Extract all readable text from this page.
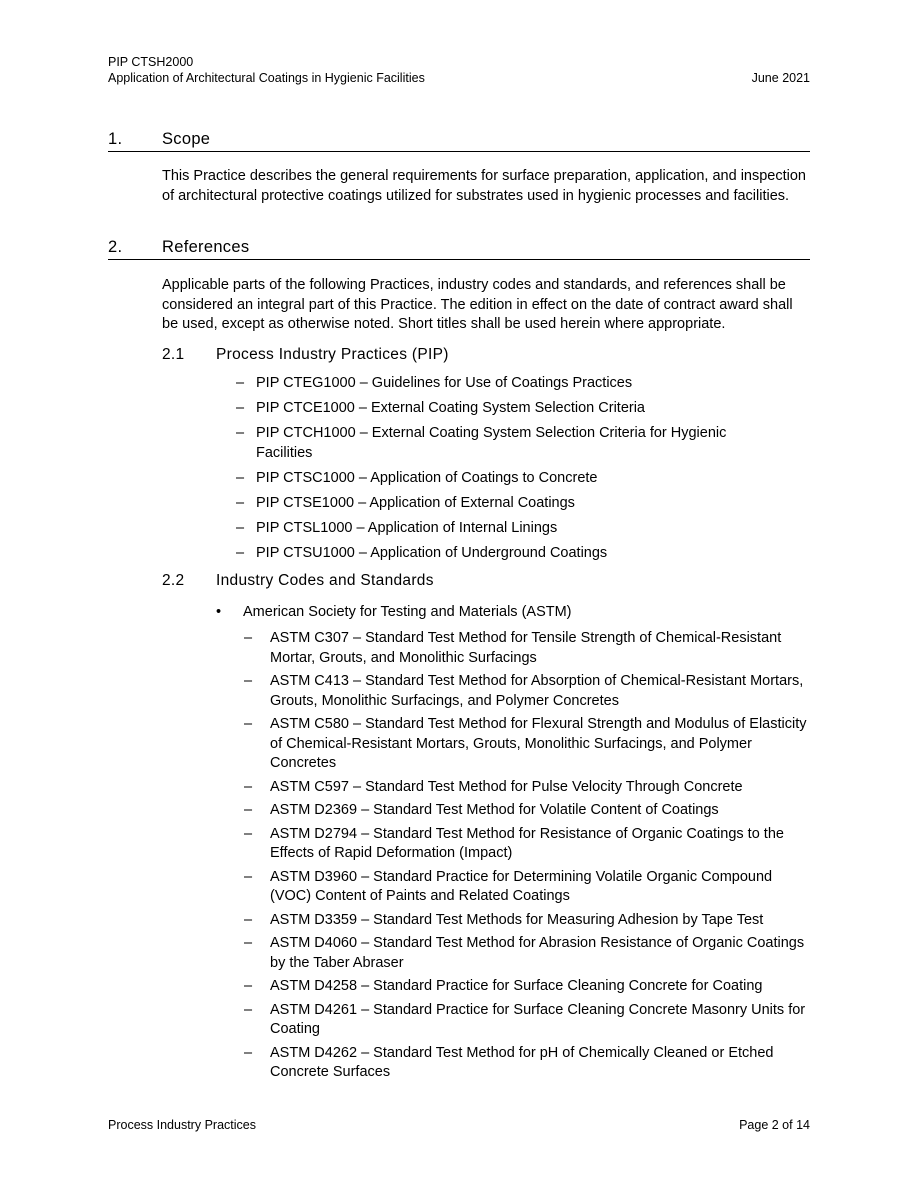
PIP CTSH2000
Application of Architectural Coatings in Hygienic Facilities	June 2021
1. Scope
This Practice describes the general requirements for surface preparation, application, and inspection of architectural protective coatings utilized for substrates used in hygienic processes and facilities.
2. References
Applicable parts of the following Practices, industry codes and standards, and references shall be considered an integral part of this Practice. The edition in effect on the date of contract award shall be used, except as otherwise noted. Short titles shall be used herein where appropriate.
2.1 Process Industry Practices (PIP)
– PIP CTEG1000 – Guidelines for Use of Coatings Practices
– PIP CTCE1000 – External Coating System Selection Criteria
– PIP CTCH1000 – External Coating System Selection Criteria for Hygienic Facilities
– PIP CTSC1000 – Application of Coatings to Concrete
– PIP CTSE1000 – Application of External Coatings
– PIP CTSL1000 – Application of Internal Linings
– PIP CTSU1000 – Application of Underground Coatings
2.2 Industry Codes and Standards
• American Society for Testing and Materials (ASTM)
– ASTM C307 – Standard Test Method for Tensile Strength of Chemical-Resistant Mortar, Grouts, and Monolithic Surfacings
– ASTM C413 – Standard Test Method for Absorption of Chemical-Resistant Mortars, Grouts, Monolithic Surfacings, and Polymer Concretes
– ASTM C580 – Standard Test Method for Flexural Strength and Modulus of Elasticity of Chemical-Resistant Mortars, Grouts, Monolithic Surfacings, and Polymer Concretes
– ASTM C597 – Standard Test Method for Pulse Velocity Through Concrete
– ASTM D2369 – Standard Test Method for Volatile Content of Coatings
– ASTM D2794 – Standard Test Method for Resistance of Organic Coatings to the Effects of Rapid Deformation (Impact)
– ASTM D3960 – Standard Practice for Determining Volatile Organic Compound (VOC) Content of Paints and Related Coatings
– ASTM D3359 – Standard Test Methods for Measuring Adhesion by Tape Test
– ASTM D4060 – Standard Test Method for Abrasion Resistance of Organic Coatings by the Taber Abraser
– ASTM D4258 – Standard Practice for Surface Cleaning Concrete for Coating
– ASTM D4261 – Standard Practice for Surface Cleaning Concrete Masonry Units for Coating
– ASTM D4262 – Standard Test Method for pH of Chemically Cleaned or Etched Concrete Surfaces
Process Industry Practices	Page 2 of 14
